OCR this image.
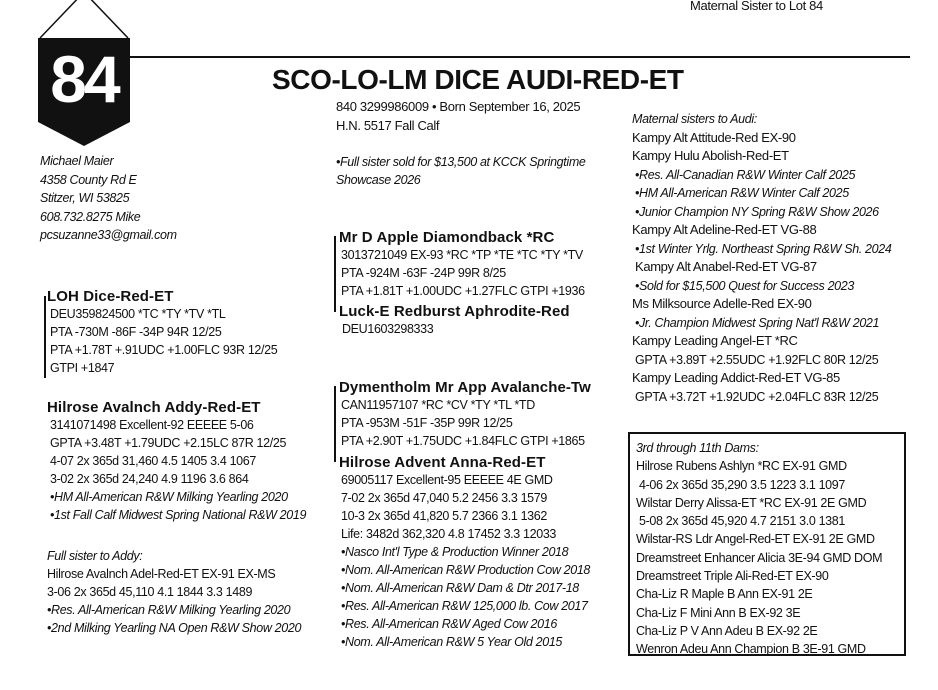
84
Maternal Sister to Lot 84
SCO-LO-LM DICE AUDI-RED-ET
840 3299986009 • Born September 16, 2025
H.N. 5517 Fall Calf
•Full sister sold for $13,500 at KCCK Springtime
Showcase 2026
Michael Maier
4358 County Rd E
Stitzer, WI 53825
608.732.8275 Mike
pcsuzanne33@gmail.com
LOH Dice-Red-ET
DEU359824500 *TC *TY *TV *TL
PTA -730M -86F -34P 94R 12/25
PTA +1.78T +.91UDC +1.00FLC 93R 12/25
GTPI +1847
Hilrose Avalnch Addy-Red-ET
3141071498 Excellent-92 EEEEE 5-06
GPTA +3.48T +1.79UDC +2.15LC 87R 12/25
4-07 2x 365d 31,460 4.5 1405 3.4 1067
3-02 2x 365d 24,240 4.9 1196 3.6 864
•HM All-American R&W Milking Yearling 2020
•1st Fall Calf Midwest Spring National R&W 2019
Full sister to Addy:
Hilrose Avalnch Adel-Red-ET EX-91 EX-MS
3-06 2x 365d 45,110 4.1 1844 3.3 1489
•Res. All-American R&W Milking Yearling 2020
•2nd Milking Yearling NA Open R&W Show 2020
Mr D Apple Diamondback *RC
3013721049 EX-93 *RC *TP *TE *TC *TY *TV
PTA -924M -63F -24P 99R 8/25
PTA +1.81T +1.00UDC +1.27FLC GTPI +1936
Luck-E Redburst Aphrodite-Red
DEU1603298333
Dymentholm Mr App Avalanche-Tw
CAN11957107 *RC *CV *TY *TL *TD
PTA -953M -51F -35P 99R 12/25
PTA +2.90T +1.75UDC +1.84FLC GTPI +1865
Hilrose Advent Anna-Red-ET
69005117 Excellent-95 EEEEE 4E GMD
7-02 2x 365d 47,040 5.2 2456 3.3 1579
10-3 2x 365d 41,820 5.7 2366 3.1 1362
Life: 3482d 362,320 4.8 17452 3.3 12033
•Nasco Int'l Type & Production Winner 2018
•Nom. All-American R&W Production Cow 2018
•Nom. All-American R&W Dam & Dtr 2017-18
•Res. All-American R&W 125,000 lb. Cow 2017
•Res. All-American R&W Aged Cow 2016
•Nom. All-American R&W 5 Year Old 2015
Maternal sisters to Audi:
Kampy Alt Attitude-Red EX-90
Kampy Hulu Abolish-Red-ET
•Res. All-Canadian R&W Winter Calf 2025
•HM All-American R&W Winter Calf 2025
•Junior Champion NY Spring R&W Show 2026
Kampy Alt Adeline-Red-ET VG-88
•1st Winter Yrlg. Northeast Spring R&W Sh. 2024
Kampy Alt Anabel-Red-ET VG-87
•Sold for $15,500 Quest for Success 2023
Ms Milksource Adelle-Red EX-90
•Jr. Champion Midwest Spring Nat'l R&W 2021
Kampy Leading Angel-ET *RC
GPTA +3.89T +2.55UDC +1.92FLC 80R 12/25
Kampy Leading Addict-Red-ET VG-85
GPTA +3.72T +1.92UDC +2.04FLC 83R 12/25
3rd through 11th Dams:
Hilrose Rubens Ashlyn *RC EX-91 GMD
4-06 2x 365d 35,290 3.5 1223 3.1 1097
Wilstar Derry Alissa-ET *RC EX-91 2E GMD
5-08 2x 365d 45,920 4.7 2151 3.0 1381
Wilstar-RS Ldr Angel-Red-ET EX-91 2E GMD
Dreamstreet Enhancer Alicia 3E-94 GMD DOM
Dreamstreet Triple Ali-Red-ET EX-90
Cha-Liz R Maple B Ann EX-91 2E
Cha-Liz F Mini Ann B EX-92 3E
Cha-Liz P V Ann Adeu B EX-92 2E
Wenron Adeu Ann Champion B 3E-91 GMD
